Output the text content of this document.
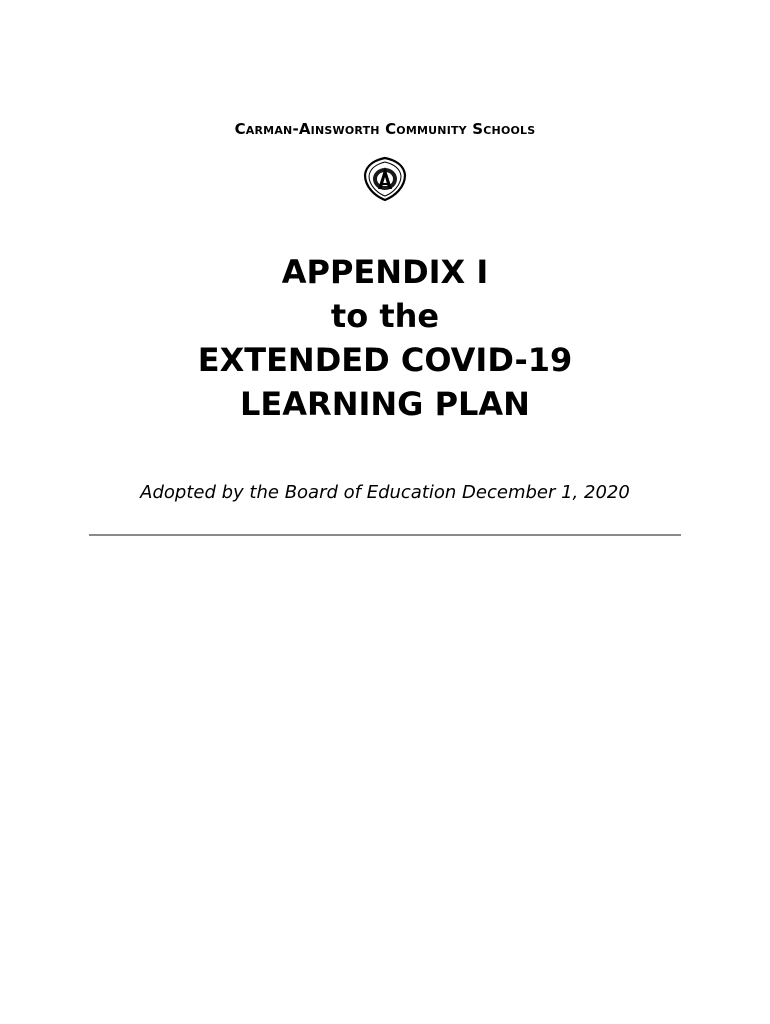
Carman-Ainsworth Community Schools
APPENDIX I
to the
EXTENDED COVID-19
LEARNING PLAN
Adopted by the Board of Education December 1, 2020
